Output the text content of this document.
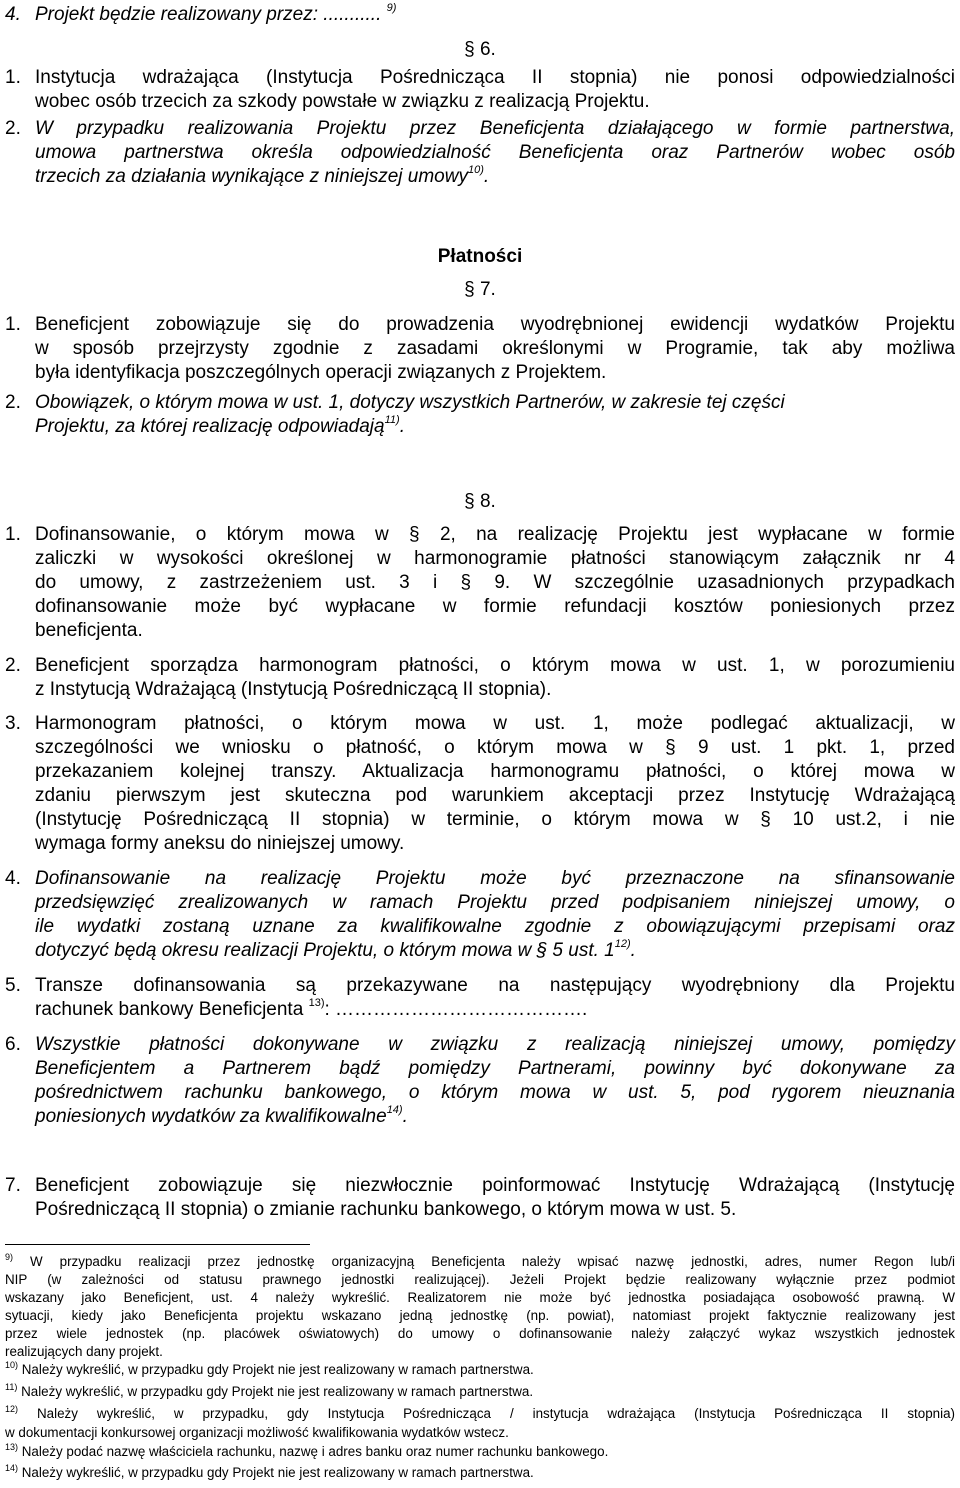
4. Projekt będzie realizowany przez: ........... $^{9)}$

§ 6.
1. Instytucja wdrażająca (Instytucja Pośrednicząca II stopnia) nie ponosi odpowiedzialności

wobec osób trzecich za szkody powstałe w związku z realizacją Projektu.

2. W przypadku realizowania Projektu przez Beneficjenta działającego w formie partnerstwa,

umowa partnerstwa określa odpowiedzialność Beneficjenta oraz Partnerów wobec osób

trzecich za działania wynikające z niniejszej umowy$^{10)}$.

Płatności
§ 7.
1. Beneficjent zobowiązuje się do prowadzenia wyodrębnionej ewidencji wydatków Projektu

w sposób przejrzysty zgodnie z zasadami określonymi w Programie, tak aby możliwa

była identyfikacja poszczególnych operacji związanych z Projektem.

2. Obowiązek, o którym mowa w ust. 1, dotyczy wszystkich Partnerów, w zakresie tej części

Projektu, za której realizację odpowiadają$^{11)}$.

§ 8.
1. Dofinansowanie, o którym mowa w § 2, na realizację Projektu jest wypłacane w formie

zaliczki w wysokości określonej w harmonogramie płatności stanowiącym załącznik nr 4

do umowy, z zastrzeżeniem ust. 3 i § 9. W szczególnie uzasadnionych przypadkach

dofinansowanie może być wypłacane w formie refundacji kosztów poniesionych przez

beneficjenta.

2. Beneficjent sporządza harmonogram płatności, o którym mowa w ust. 1, w porozumieniu

z Instytucją Wdrażającą (Instytucją Pośredniczącą II stopnia).

3. Harmonogram płatności, o którym mowa w ust. 1, może podlegać aktualizacji, w

szczególności we wniosku o płatność, o którym mowa w § 9 ust. 1 pkt. 1, przed

przekazaniem kolejnej transzy. Aktualizacja harmonogramu płatności, o której mowa w

zdaniu pierwszym jest skuteczna pod warunkiem akceptacji przez Instytucję Wdrażającą

(Instytucję Pośredniczącą II stopnia) w terminie, o którym mowa w § 10 ust.2, i nie

wymaga formy aneksu do niniejszej umowy.

4. Dofinansowanie na realizację Projektu może być przeznaczone na sfinansowanie

przedsięwzięć zrealizowanych w ramach Projektu przed podpisaniem niniejszej umowy, o

ile wydatki zostaną uznane za kwalifikowalne zgodnie z obowiązującymi przepisami oraz

dotyczyć będą okresu realizacji Projektu, o którym mowa w § 5 ust. 1$^{12)}$.

5. Transze dofinansowania są przekazywane na następujący wyodrębniony dla Projektu

rachunek bankowy Beneficjenta $^{13)}$: ………………………………….

6. Wszystkie płatności dokonywane w związku z realizacją niniejszej umowy, pomiędzy

Beneficjentem a Partnerem bądź pomiędzy Partnerami, powinny być dokonywane za

pośrednictwem rachunku bankowego, o którym mowa w ust. 5, pod rygorem nieuznania

poniesionych wydatków za kwalifikowalne$^{14)}$.

7. Beneficjent zobowiązuje się niezwłocznie poinformować Instytucję Wdrażającą (Instytucję

Pośredniczącą II stopnia) o zmianie rachunku bankowego, o którym mowa w ust. 5.

$^{9)}$ W przypadku realizacji przez jednostkę organizacyjną Beneficjenta należy wpisać nazwę jednostki, adres, numer Regon lub/i

NIP (w zależności od statusu prawnego jednostki realizującej). Jeżeli Projekt będzie realizowany wyłącznie przez podmiot

wskazany jako Beneficjent, ust. 4 należy wykreślić. Realizatorem nie może być jednostka posiadająca osobowość prawną. W

sytuacji, kiedy jako Beneficjenta projektu wskazano jedną jednostkę (np. powiat), natomiast projekt faktycznie realizowany jest

przez wiele jednostek (np. placówek oświatowych) do umowy o dofinansowanie należy załączyć wykaz wszystkich jednostek

realizujących dany projekt.

$^{10)}$ Należy wykreślić, w przypadku gdy Projekt nie jest realizowany w ramach partnerstwa.

$^{11)}$ Należy wykreślić, w przypadku gdy Projekt nie jest realizowany w ramach partnerstwa.

$^{12)}$ Należy wykreślić, w przypadku, gdy Instytucja Pośrednicząca / instytucja wdrażająca (Instytucja Pośrednicząca II stopnia)

w dokumentacji konkursowej organizacji możliwość kwalifikowania wydatków wstecz.

$^{13)}$ Należy podać nazwę właściciela rachunku, nazwę i adres banku oraz numer rachunku bankowego.

$^{14)}$ Należy wykreślić, w przypadku gdy Projekt nie jest realizowany w ramach partnerstwa.
